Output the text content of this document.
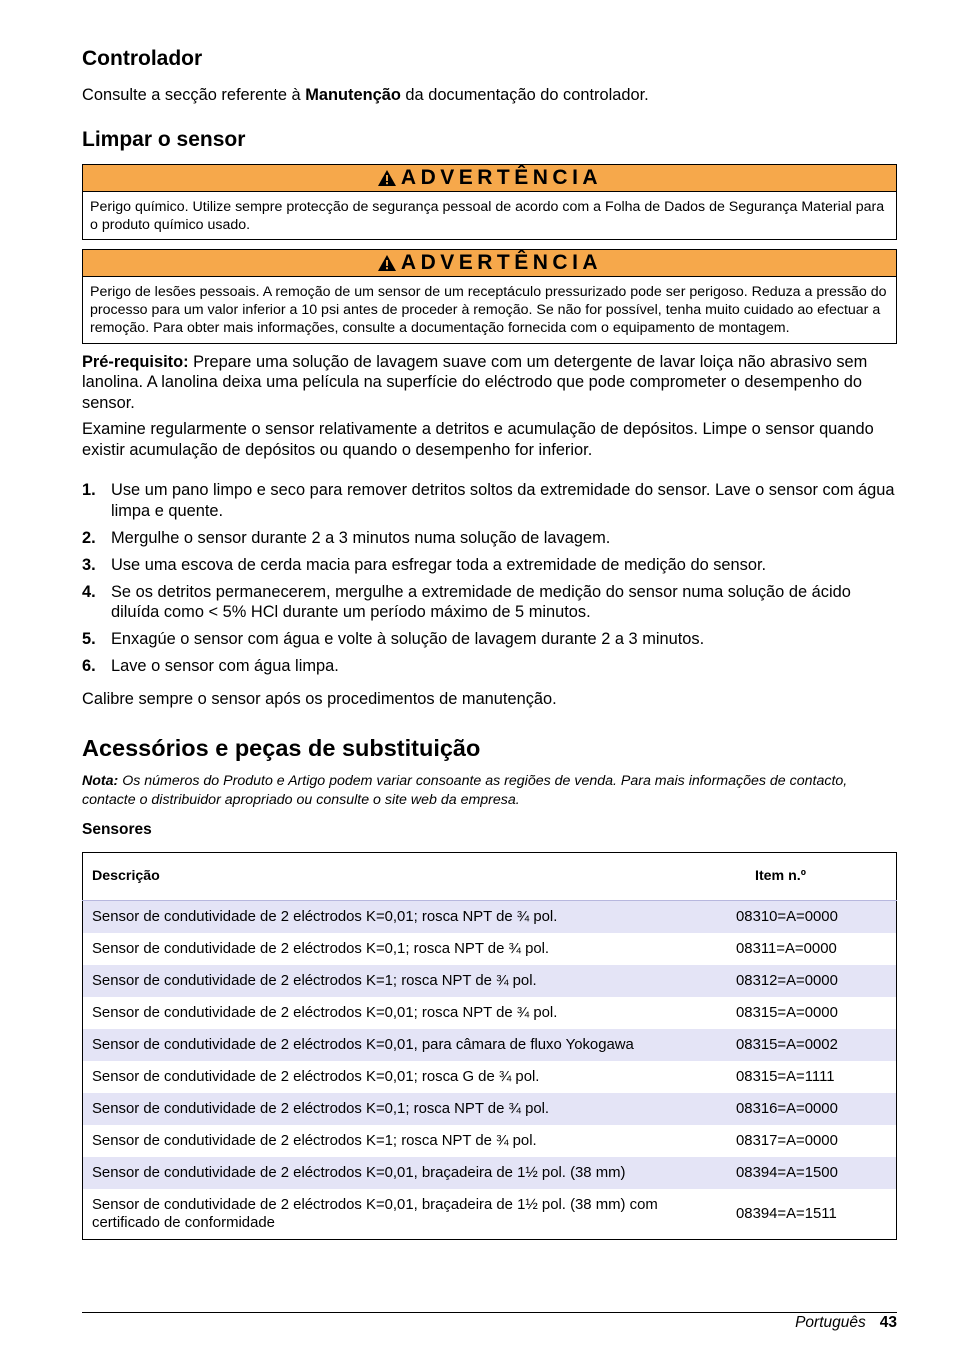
Controlador

Consulte a secção referente à Manutenção da documentação do controlador.

Limpar o sensor
ADVERTÊNCIA
Perigo químico. Utilize sempre protecção de segurança pessoal de acordo com a Folha de Dados de Segurança Material para o produto químico usado.
ADVERTÊNCIA
Perigo de lesões pessoais. A remoção de um sensor de um receptáculo pressurizado pode ser perigoso. Reduza a pressão do processo para um valor inferior a 10 psi antes de proceder à remoção. Se não for possível, tenha muito cuidado ao efectuar a remoção. Para obter mais informações, consulte a documentação fornecida com o equipamento de montagem.

Pré-requisito: Prepare uma solução de lavagem suave com um detergente de lavar loiça não abrasivo sem lanolina. A lanolina deixa uma película na superfície do eléctrodo que pode comprometer o desempenho do sensor.

Examine regularmente o sensor relativamente a detritos e acumulação de depósitos. Limpe o sensor quando existir acumulação de depósitos ou quando o desempenho for inferior.

1. Use um pano limpo e seco para remover detritos soltos da extremidade do sensor. Lave o sensor com água limpa e quente.
2. Mergulhe o sensor durante 2 a 3 minutos numa solução de lavagem.
3. Use uma escova de cerda macia para esfregar toda a extremidade de medição do sensor.
4. Se os detritos permanecerem, mergulhe a extremidade de medição do sensor numa solução de ácido diluída como < 5% HCl durante um período máximo de 5 minutos.
5. Enxagúe o sensor com água e volte à solução de lavagem durante 2 a 3 minutos.
6. Lave o sensor com água limpa.

Calibre sempre o sensor após os procedimentos de manutenção.

Acessórios e peças de substituição

Nota: Os números do Produto e Artigo podem variar consoante as regiões de venda. Para mais informações de contacto, contacte o distribuidor apropriado ou consulte o site web da empresa.

Sensores

Descrição	Item n.º
Sensor de condutividade de 2 eléctrodos K=0,01; rosca NPT de ¾ pol.	08310=A=0000
Sensor de condutividade de 2 eléctrodos K=0,1; rosca NPT de ¾ pol.	08311=A=0000
Sensor de condutividade de 2 eléctrodos K=1; rosca NPT de ¾ pol.	08312=A=0000
Sensor de condutividade de 2 eléctrodos K=0,01; rosca NPT de ¾ pol.	08315=A=0000
Sensor de condutividade de 2 eléctrodos K=0,01, para câmara de fluxo Yokogawa	08315=A=0002
Sensor de condutividade de 2 eléctrodos K=0,01; rosca G de ¾ pol.	08315=A=1111
Sensor de condutividade de 2 eléctrodos K=0,1; rosca NPT de ¾ pol.	08316=A=0000
Sensor de condutividade de 2 eléctrodos K=1; rosca NPT de ¾ pol.	08317=A=0000
Sensor de condutividade de 2 eléctrodos K=0,01, braçadeira de 1½ pol. (38 mm)	08394=A=1500
Sensor de condutividade de 2 eléctrodos K=0,01, braçadeira de 1½ pol. (38 mm) com certificado de conformidade	08394=A=1511
Português 43
